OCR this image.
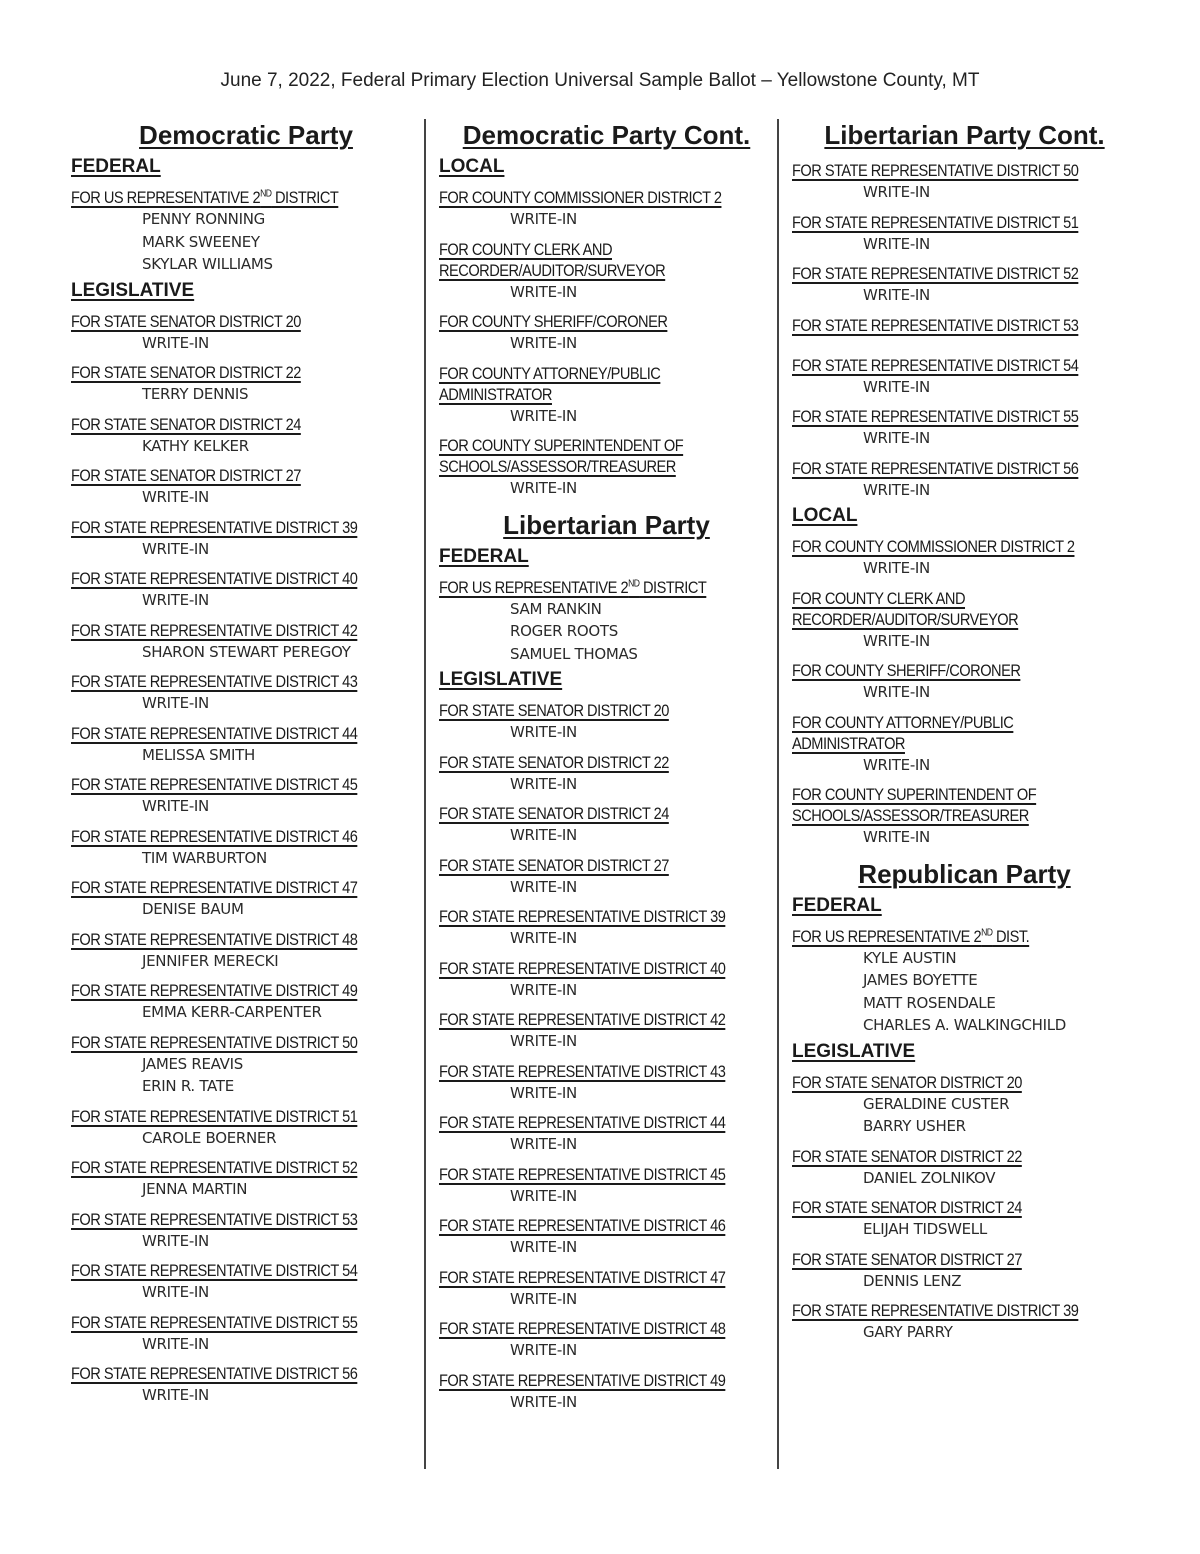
June 7, 2022, Federal Primary Election Universal Sample Ballot – Yellowstone County, MT
Democratic Party
FEDERAL
FOR US REPRESENTATIVE 2ND DISTRICT
PENNY RONNING
MARK SWEENEY
SKYLAR WILLIAMS
LEGISLATIVE
FOR STATE SENATOR DISTRICT 20
WRITE-IN
FOR STATE SENATOR DISTRICT 22
TERRY DENNIS
FOR STATE SENATOR DISTRICT 24
KATHY KELKER
FOR STATE SENATOR DISTRICT 27
WRITE-IN
FOR STATE REPRESENTATIVE DISTRICT 39
WRITE-IN
FOR STATE REPRESENTATIVE DISTRICT 40
WRITE-IN
FOR STATE REPRESENTATIVE DISTRICT 42
SHARON STEWART PEREGOY
FOR STATE REPRESENTATIVE DISTRICT 43
WRITE-IN
FOR STATE REPRESENTATIVE DISTRICT 44
MELISSA SMITH
FOR STATE REPRESENTATIVE DISTRICT 45
WRITE-IN
FOR STATE REPRESENTATIVE DISTRICT 46
TIM WARBURTON
FOR STATE REPRESENTATIVE DISTRICT 47
DENISE BAUM
FOR STATE REPRESENTATIVE DISTRICT 48
JENNIFER MERECKI
FOR STATE REPRESENTATIVE DISTRICT 49
EMMA KERR-CARPENTER
FOR STATE REPRESENTATIVE DISTRICT 50
JAMES REAVIS
ERIN R. TATE
FOR STATE REPRESENTATIVE DISTRICT 51
CAROLE BOERNER
FOR STATE REPRESENTATIVE DISTRICT 52
JENNA MARTIN
FOR STATE REPRESENTATIVE DISTRICT 53
WRITE-IN
FOR STATE REPRESENTATIVE DISTRICT 54
WRITE-IN
FOR STATE REPRESENTATIVE DISTRICT 55
WRITE-IN
FOR STATE REPRESENTATIVE DISTRICT 56
WRITE-IN
Democratic Party Cont.
LOCAL
FOR COUNTY COMMISSIONER DISTRICT 2
WRITE-IN
FOR COUNTY CLERK AND
RECORDER/AUDITOR/SURVEYOR
WRITE-IN
FOR COUNTY SHERIFF/CORONER
WRITE-IN
FOR COUNTY ATTORNEY/PUBLIC
ADMINISTRATOR
WRITE-IN
FOR COUNTY SUPERINTENDENT OF
SCHOOLS/ASSESSOR/TREASURER
WRITE-IN
Libertarian Party
FEDERAL
FOR US REPRESENTATIVE 2ND DISTRICT
SAM RANKIN
ROGER ROOTS
SAMUEL THOMAS
LEGISLATIVE
FOR STATE SENATOR DISTRICT 20
WRITE-IN
FOR STATE SENATOR DISTRICT 22
WRITE-IN
FOR STATE SENATOR DISTRICT 24
WRITE-IN
FOR STATE SENATOR DISTRICT 27
WRITE-IN
FOR STATE REPRESENTATIVE DISTRICT 39
WRITE-IN
FOR STATE REPRESENTATIVE DISTRICT 40
WRITE-IN
FOR STATE REPRESENTATIVE DISTRICT 42
WRITE-IN
FOR STATE REPRESENTATIVE DISTRICT 43
WRITE-IN
FOR STATE REPRESENTATIVE DISTRICT 44
WRITE-IN
FOR STATE REPRESENTATIVE DISTRICT 45
WRITE-IN
FOR STATE REPRESENTATIVE DISTRICT 46
WRITE-IN
FOR STATE REPRESENTATIVE DISTRICT 47
WRITE-IN
FOR STATE REPRESENTATIVE DISTRICT 48
WRITE-IN
FOR STATE REPRESENTATIVE DISTRICT 49
WRITE-IN
Libertarian Party Cont.
FOR STATE REPRESENTATIVE DISTRICT 50
WRITE-IN
FOR STATE REPRESENTATIVE DISTRICT 51
WRITE-IN
FOR STATE REPRESENTATIVE DISTRICT 52
WRITE-IN
FOR STATE REPRESENTATIVE DISTRICT 53
FOR STATE REPRESENTATIVE DISTRICT 54
WRITE-IN
FOR STATE REPRESENTATIVE DISTRICT 55
WRITE-IN
FOR STATE REPRESENTATIVE DISTRICT 56
WRITE-IN
LOCAL
FOR COUNTY COMMISSIONER DISTRICT 2
WRITE-IN
FOR COUNTY CLERK AND
RECORDER/AUDITOR/SURVEYOR
WRITE-IN
FOR COUNTY SHERIFF/CORONER
WRITE-IN
FOR COUNTY ATTORNEY/PUBLIC
ADMINISTRATOR
WRITE-IN
FOR COUNTY SUPERINTENDENT OF
SCHOOLS/ASSESSOR/TREASURER
WRITE-IN
Republican Party
FEDERAL
FOR US REPRESENTATIVE 2ND DIST.
KYLE AUSTIN
JAMES BOYETTE
MATT ROSENDALE
CHARLES A. WALKINGCHILD
LEGISLATIVE
FOR STATE SENATOR DISTRICT 20
GERALDINE CUSTER
BARRY USHER
FOR STATE SENATOR DISTRICT 22
DANIEL ZOLNIKOV
FOR STATE SENATOR DISTRICT 24
ELIJAH TIDSWELL
FOR STATE SENATOR DISTRICT 27
DENNIS LENZ
FOR STATE REPRESENTATIVE DISTRICT 39
GARY PARRY
